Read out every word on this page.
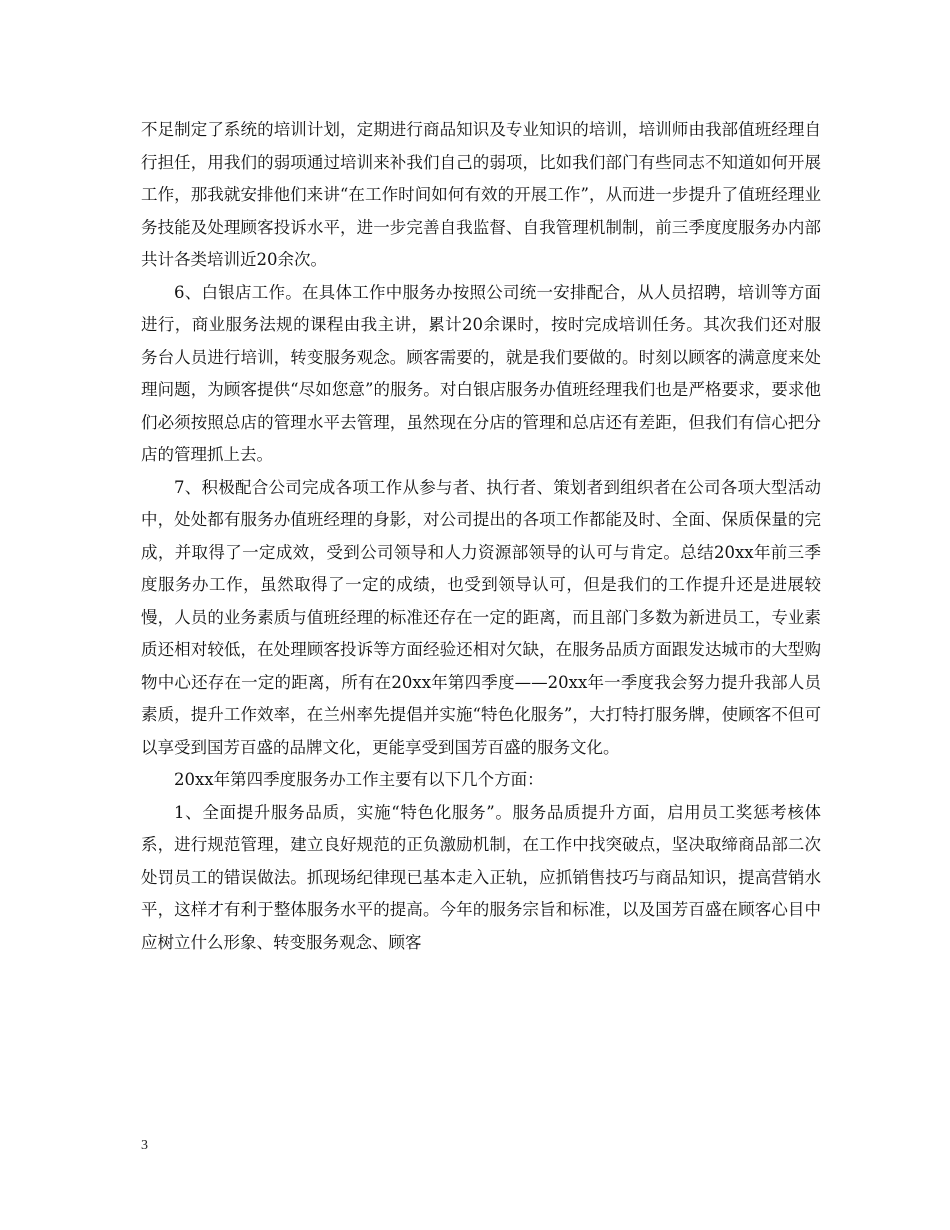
不足制定了系统的培训计划，定期进行商品知识及专业知识的培训，培训师由我部值班经理自行担任，用我们的弱项通过培训来补我们自己的弱项，比如我们部门有些同志不知道如何开展工作，那我就安排他们来讲“在工作时间如何有效的开展工作”，从而进一步提升了值班经理业务技能及处理顾客投诉水平，进一步完善自我监督、自我管理机制制，前三季度度服务办内部共计各类培训近20余次。

6、白银店工作。在具体工作中服务办按照公司统一安排配合，从人员招聘，培训等方面进行，商业服务法规的课程由我主讲，累计20余课时，按时完成培训任务。其次我们还对服务台人员进行培训，转变服务观念。顾客需要的，就是我们要做的。时刻以顾客的满意度来处理问题，为顾客提供“尽如您意”的服务。对白银店服务办值班经理我们也是严格要求，要求他们必须按照总店的管理水平去管理，虽然现在分店的管理和总店还有差距，但我们有信心把分店的管理抓上去。

7、积极配合公司完成各项工作从参与者、执行者、策划者到组织者在公司各项大型活动中，处处都有服务办值班经理的身影，对公司提出的各项工作都能及时、全面、保质保量的完成，并取得了一定成效，受到公司领导和人力资源部领导的认可与肯定。总结20xx年前三季度服务办工作，虽然取得了一定的成绩，也受到领导认可，但是我们的工作提升还是进展较慢，人员的业务素质与值班经理的标准还存在一定的距离，而且部门多数为新进员工，专业素质还相对较低，在处理顾客投诉等方面经验还相对欠缺，在服务品质方面跟发达城市的大型购物中心还存在一定的距离，所有在20xx年第四季度——20xx年一季度我会努力提升我部人员素质，提升工作效率，在兰州率先提倡并实施“特色化服务”，大打特打服务牌，使顾客不但可以享受到国芳百盛的品牌文化，更能享受到国芳百盛的服务文化。

20xx年第四季度服务办工作主要有以下几个方面：

1、全面提升服务品质，实施“特色化服务”。服务品质提升方面，启用员工奖惩考核体系，进行规范管理，建立良好规范的正负激励机制，在工作中找突破点，坚决取缔商品部二次处罚员工的错误做法。抓现场纪律现已基本走入正轨，应抓销售技巧与商品知识，提高营销水平，这样才有利于整体服务水平的提高。今年的服务宗旨和标准，以及国芳百盛在顾客心目中应树立什么形象、转变服务观念、顾客

3
